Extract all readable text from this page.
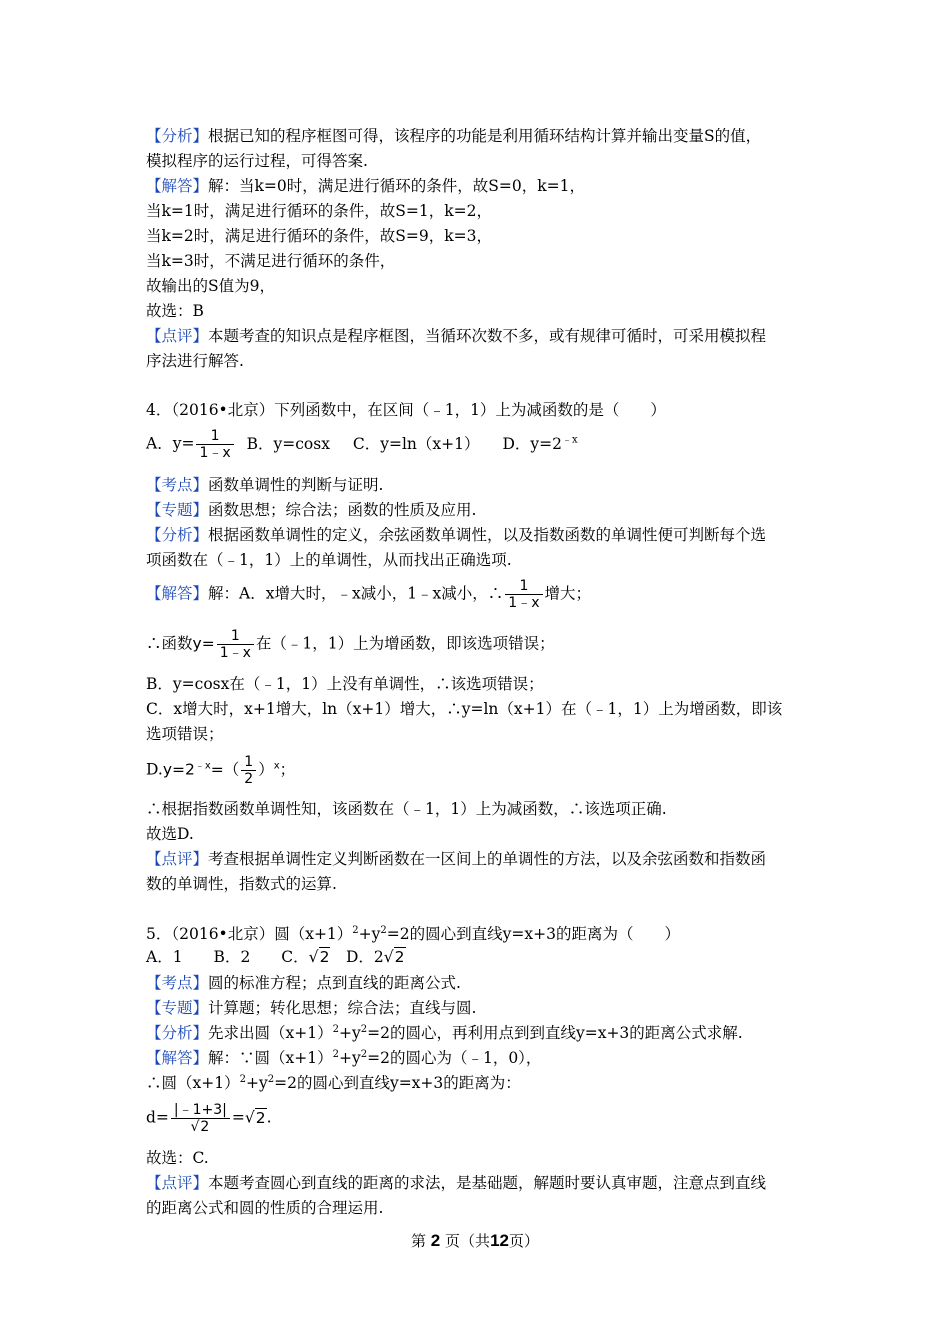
【分析】根据已知的程序框图可得，该程序的功能是利用循环结构计算并输出变量S的值，
模拟程序的运行过程，可得答案.
【解答】解：当k=0时，满足进行循环的条件，故S=0，k=1，
当k=1时，满足进行循环的条件，故S=1，k=2，
当k=2时，满足进行循环的条件，故S=9，k=3，
当k=3时，不满足进行循环的条件，
故输出的S值为9，
故选：B
【点评】本题考查的知识点是程序框图，当循环次数不多，或有规律可循时，可采用模拟程
序法进行解答.
4．（2016•北京）下列函数中，在区间（﹣1，1）上为减函数的是（　　）
A．$y= \frac{1}{1﹣x}$ B．y=cosx C．y=ln（x+1） D．$y=2^{﹣x}$
【考点】函数单调性的判断与证明.
【专题】函数思想；综合法；函数的性质及应用.
【分析】根据函数单调性的定义，余弦函数单调性，以及指数函数的单调性便可判断每个选
项函数在（﹣1，1）上的单调性，从而找出正确选项.
【解答】解：A．x增大时，﹣x减小，1﹣x减小，∴ $\frac{1}{1﹣x}$ 增大；
∴函数$y= \frac{1}{1﹣x}$ 在（﹣1，1）上为增函数，即该选项错误；
B．y=cosx在（﹣1，1）上没有单调性，∴该选项错误；
C．x增大时，x+1增大，ln（x+1）增大，∴y=ln（x+1）在（﹣1，1）上为增函数，即该
选项错误；
$D.y=2^{﹣x}=( \frac{1}{2} )^x$；
∴根据指数函数单调性知，该函数在（﹣1，1）上为减函数，∴该选项正确.
故选D.
【点评】考查根据单调性定义判断函数在一区间上的单调性的方法，以及余弦函数和指数函
数的单调性，指数式的运算.
5．（2016•北京）圆$(x+1)^2+y^2=2$的圆心到直线y=x+3的距离为（　　）
A．1　　B．2　　C．√2　D．2√2
【考点】圆的标准方程；点到直线的距离公式.
【专题】计算题；转化思想；综合法；直线与圆.
【分析】先求出圆$(x+1)^2+y^2=2$的圆心，再利用点到到直线y=x+3的距离公式求解.
【解答】解：∵圆$(x+1)^2+y^2=2$的圆心为（﹣1，0），
∴圆$(x+1)^2+y^2=2$的圆心到直线y=x+3的距离为：
$d= \frac{|﹣1+3|}{√2} =√2$.
故选：C.
【点评】本题考查圆心到直线的距离的求法，是基础题，解题时要认真审题，注意点到直线
的距离公式和圆的性质的合理运用.
第 2 页（共12页）
